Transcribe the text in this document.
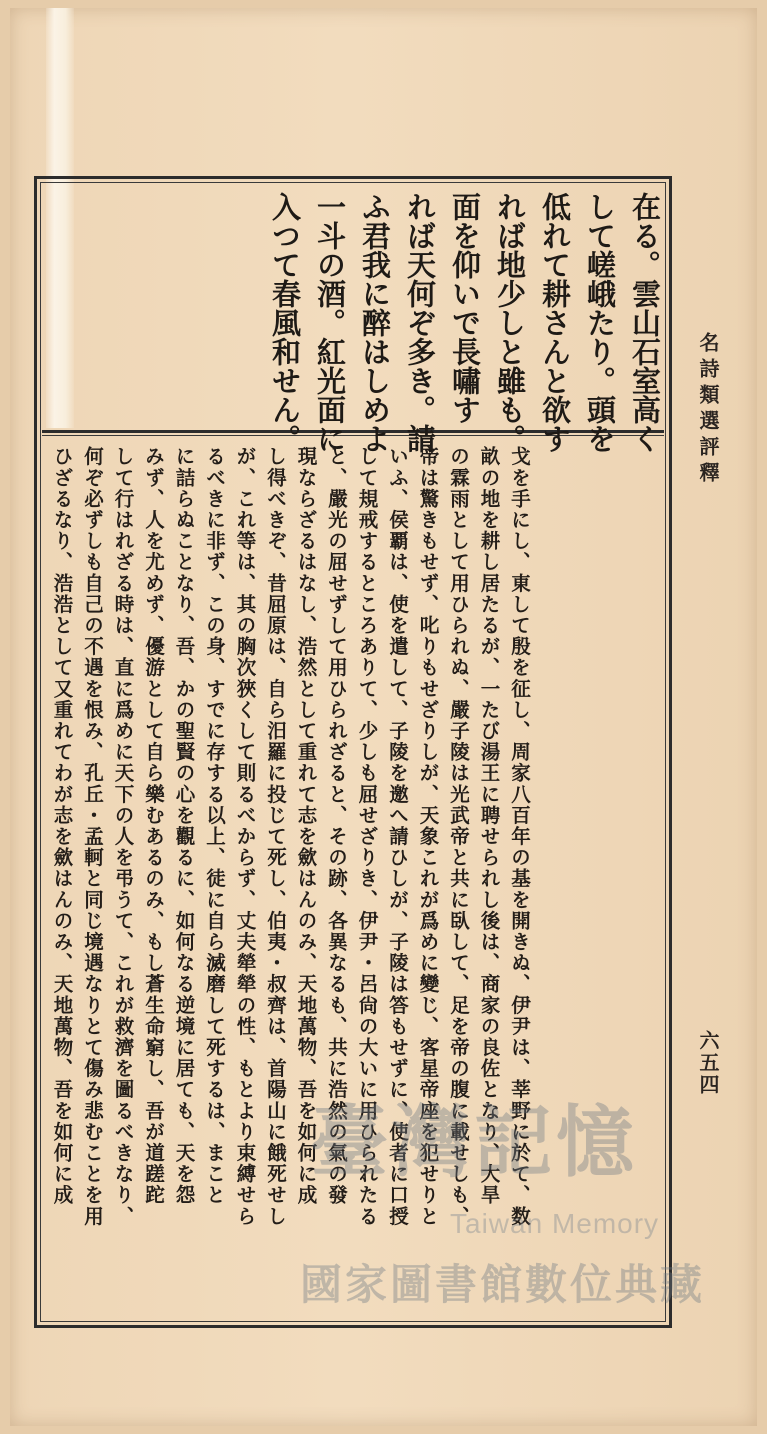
名詩類選評釋
六五四

在る。雲山石室高く
して嵯峨たり。頭を
低れて耕さんと欲す
れば地少しと雖も。
面を仰いで長嘯す
れば天何ぞ多き。請
ふ君我に醉はしめよ
一斗の酒。紅光面に
入つて春風和せん。

戈を手にし、東して殷を征し、周家八百年の基を開きぬ、伊尹は、莘野に於て、数
畝の地を耕し居たるが、一たび湯王に聘せられし後は、商家の良佐となり、大旱
の霖雨として用ひられぬ、嚴子陵は光武帝と共に臥して、足を帝の腹に載せしも、
帝は驚きもせず、叱りもせざりしが、天象これが爲めに變じ、客星帝座を犯せりと
いふ、侯覇は、使を遣して、子陵を邀へ請ひしが、子陵は答もせずに、使者に口授
して規戒するところありて、少しも屈せざりき、伊尹・呂尙の大いに用ひられたる
と、嚴光の屈せずして用ひられざると、その跡、各異なるも、共に浩然の氣の發
現ならざるはなし、浩然として重れて志を歛はんのみ、天地萬物、吾を如何に成
し得べきぞ、昔屈原は、自ら汨羅に投じて死し、伯夷・叔齊は、首陽山に餓死せし
が、これ等は、其の胸次狹くして則るべからず、丈夫犖犖の性、もとより束縛せら
るべきに非ず、この身、すでに存する以上、徒に自ら滅磨して死するは、まこと
に詰らぬことなり、吾、かの聖賢の心を觀るに、如何なる逆境に居ても、天を怨
みず、人を尤めず、優游として自ら樂むあるのみ、もし蒼生命窮し、吾が道蹉跎
して行はれざる時は、直に爲めに天下の人を弔うて、これが救濟を圖るべきなり、
何ぞ必ずしも自己の不遇を恨み、孔丘・孟軻と同じ境遇なりとて傷み悲むことを用
ひざるなり、浩浩として又重れてわが志を歛はんのみ、天地萬物、吾を如何に成	臺灣記憶
Taiwan Memory
國家圖書館數位典藏
